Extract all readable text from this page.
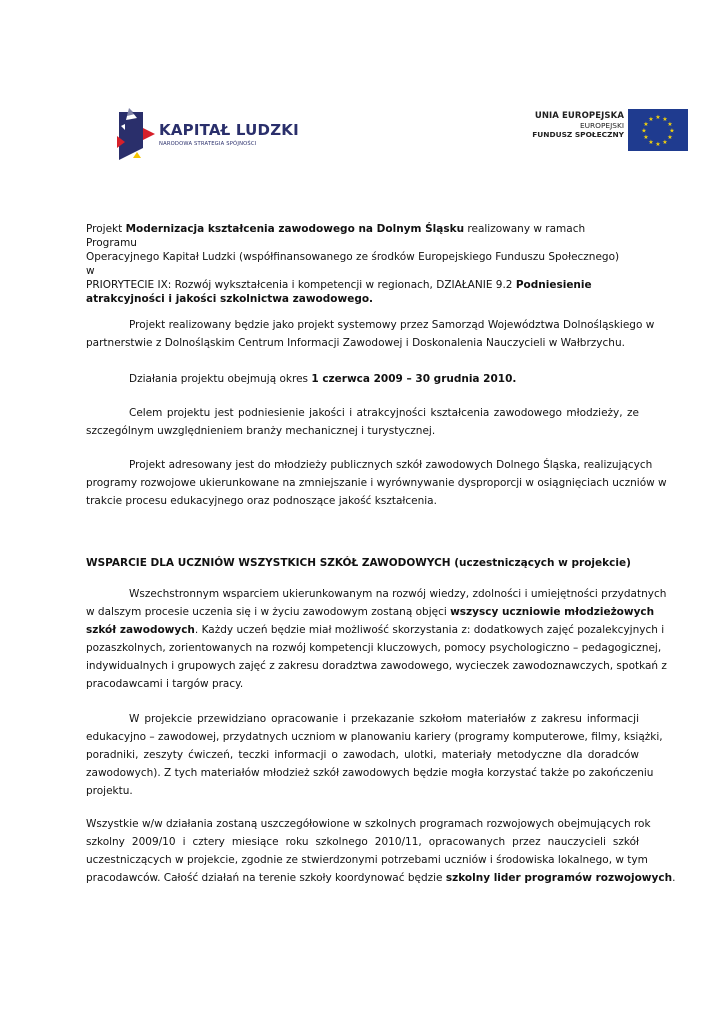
KAPITAŁ LUDZKI
NARODOWA STRATEGIA SPÓJNOŚCI
UNIA EUROPEJSKA
EUROPEJSKI
FUNDUSZ SPOŁECZNY
★ ★
★
★
★
★
★
★
★
★
★
★
Projekt Modernizacja kształcenia zawodowego na Dolnym Śląsku realizowany w ramach Programu
Operacyjnego Kapitał Ludzki (współfinansowanego ze środków Europejskiego Funduszu Społecznego) w
PRIORYTECIE IX: Rozwój wykształcenia i kompetencji w regionach, DZIAŁANIE 9.2 Podniesienie
atrakcyjności i jakości szkolnictwa zawodowego.
Projekt realizowany będzie jako projekt systemowy przez Samorząd Województwa Dolnośląskiego w
partnerstwie z Dolnośląskim Centrum Informacji Zawodowej i Doskonalenia Nauczycieli w Wałbrzychu.
Działania projektu obejmują okres 1 czerwca 2009 – 30 grudnia 2010.
Celem projektu jest podniesienie jakości i atrakcyjności kształcenia zawodowego młodzieży, ze
szczególnym uwzględnieniem branży mechanicznej i turystycznej.
Projekt adresowany jest do młodzieży publicznych szkół zawodowych Dolnego Śląska, realizujących
programy rozwojowe ukierunkowane na zmniejszanie i wyrównywanie dysproporcji w osiągnięciach uczniów w
trakcie procesu edukacyjnego oraz podnoszące jakość kształcenia.
WSPARCIE DLA UCZNIÓW WSZYSTKICH SZKÓŁ ZAWODOWYCH (uczestniczących w projekcie)
Wszechstronnym wsparciem ukierunkowanym na rozwój wiedzy, zdolności i umiejętności przydatnych
w dalszym procesie uczenia się i w życiu zawodowym zostaną objęci wszyscy uczniowie młodzieżowych
szkół zawodowych. Każdy uczeń będzie miał możliwość skorzystania z: dodatkowych zajęć pozalekcyjnych i
pozaszkolnych, zorientowanych na rozwój kompetencji kluczowych, pomocy psychologiczno – pedagogicznej,
indywidualnych i grupowych zajęć z zakresu doradztwa zawodowego, wycieczek zawodoznawczych, spotkań z
pracodawcami i targów pracy.
W projekcie przewidziano opracowanie i przekazanie szkołom materiałów z zakresu informacji
edukacyjno – zawodowej, przydatnych uczniom w planowaniu kariery (programy komputerowe, filmy, książki,
poradniki, zeszyty ćwiczeń, teczki informacji o zawodach, ulotki, materiały metodyczne dla doradców
zawodowych). Z tych materiałów młodzież szkół zawodowych będzie mogła korzystać także po zakończeniu
projektu.
Wszystkie w/w działania zostaną uszczegółowione w szkolnych programach rozwojowych obejmujących rok
szkolny 2009/10 i cztery miesiące roku szkolnego 2010/11, opracowanych przez nauczycieli szkół
uczestniczących w projekcie, zgodnie ze stwierdzonymi potrzebami uczniów i środowiska lokalnego, w tym
pracodawców. Całość działań na terenie szkoły koordynować będzie szkolny lider programów rozwojowych.
